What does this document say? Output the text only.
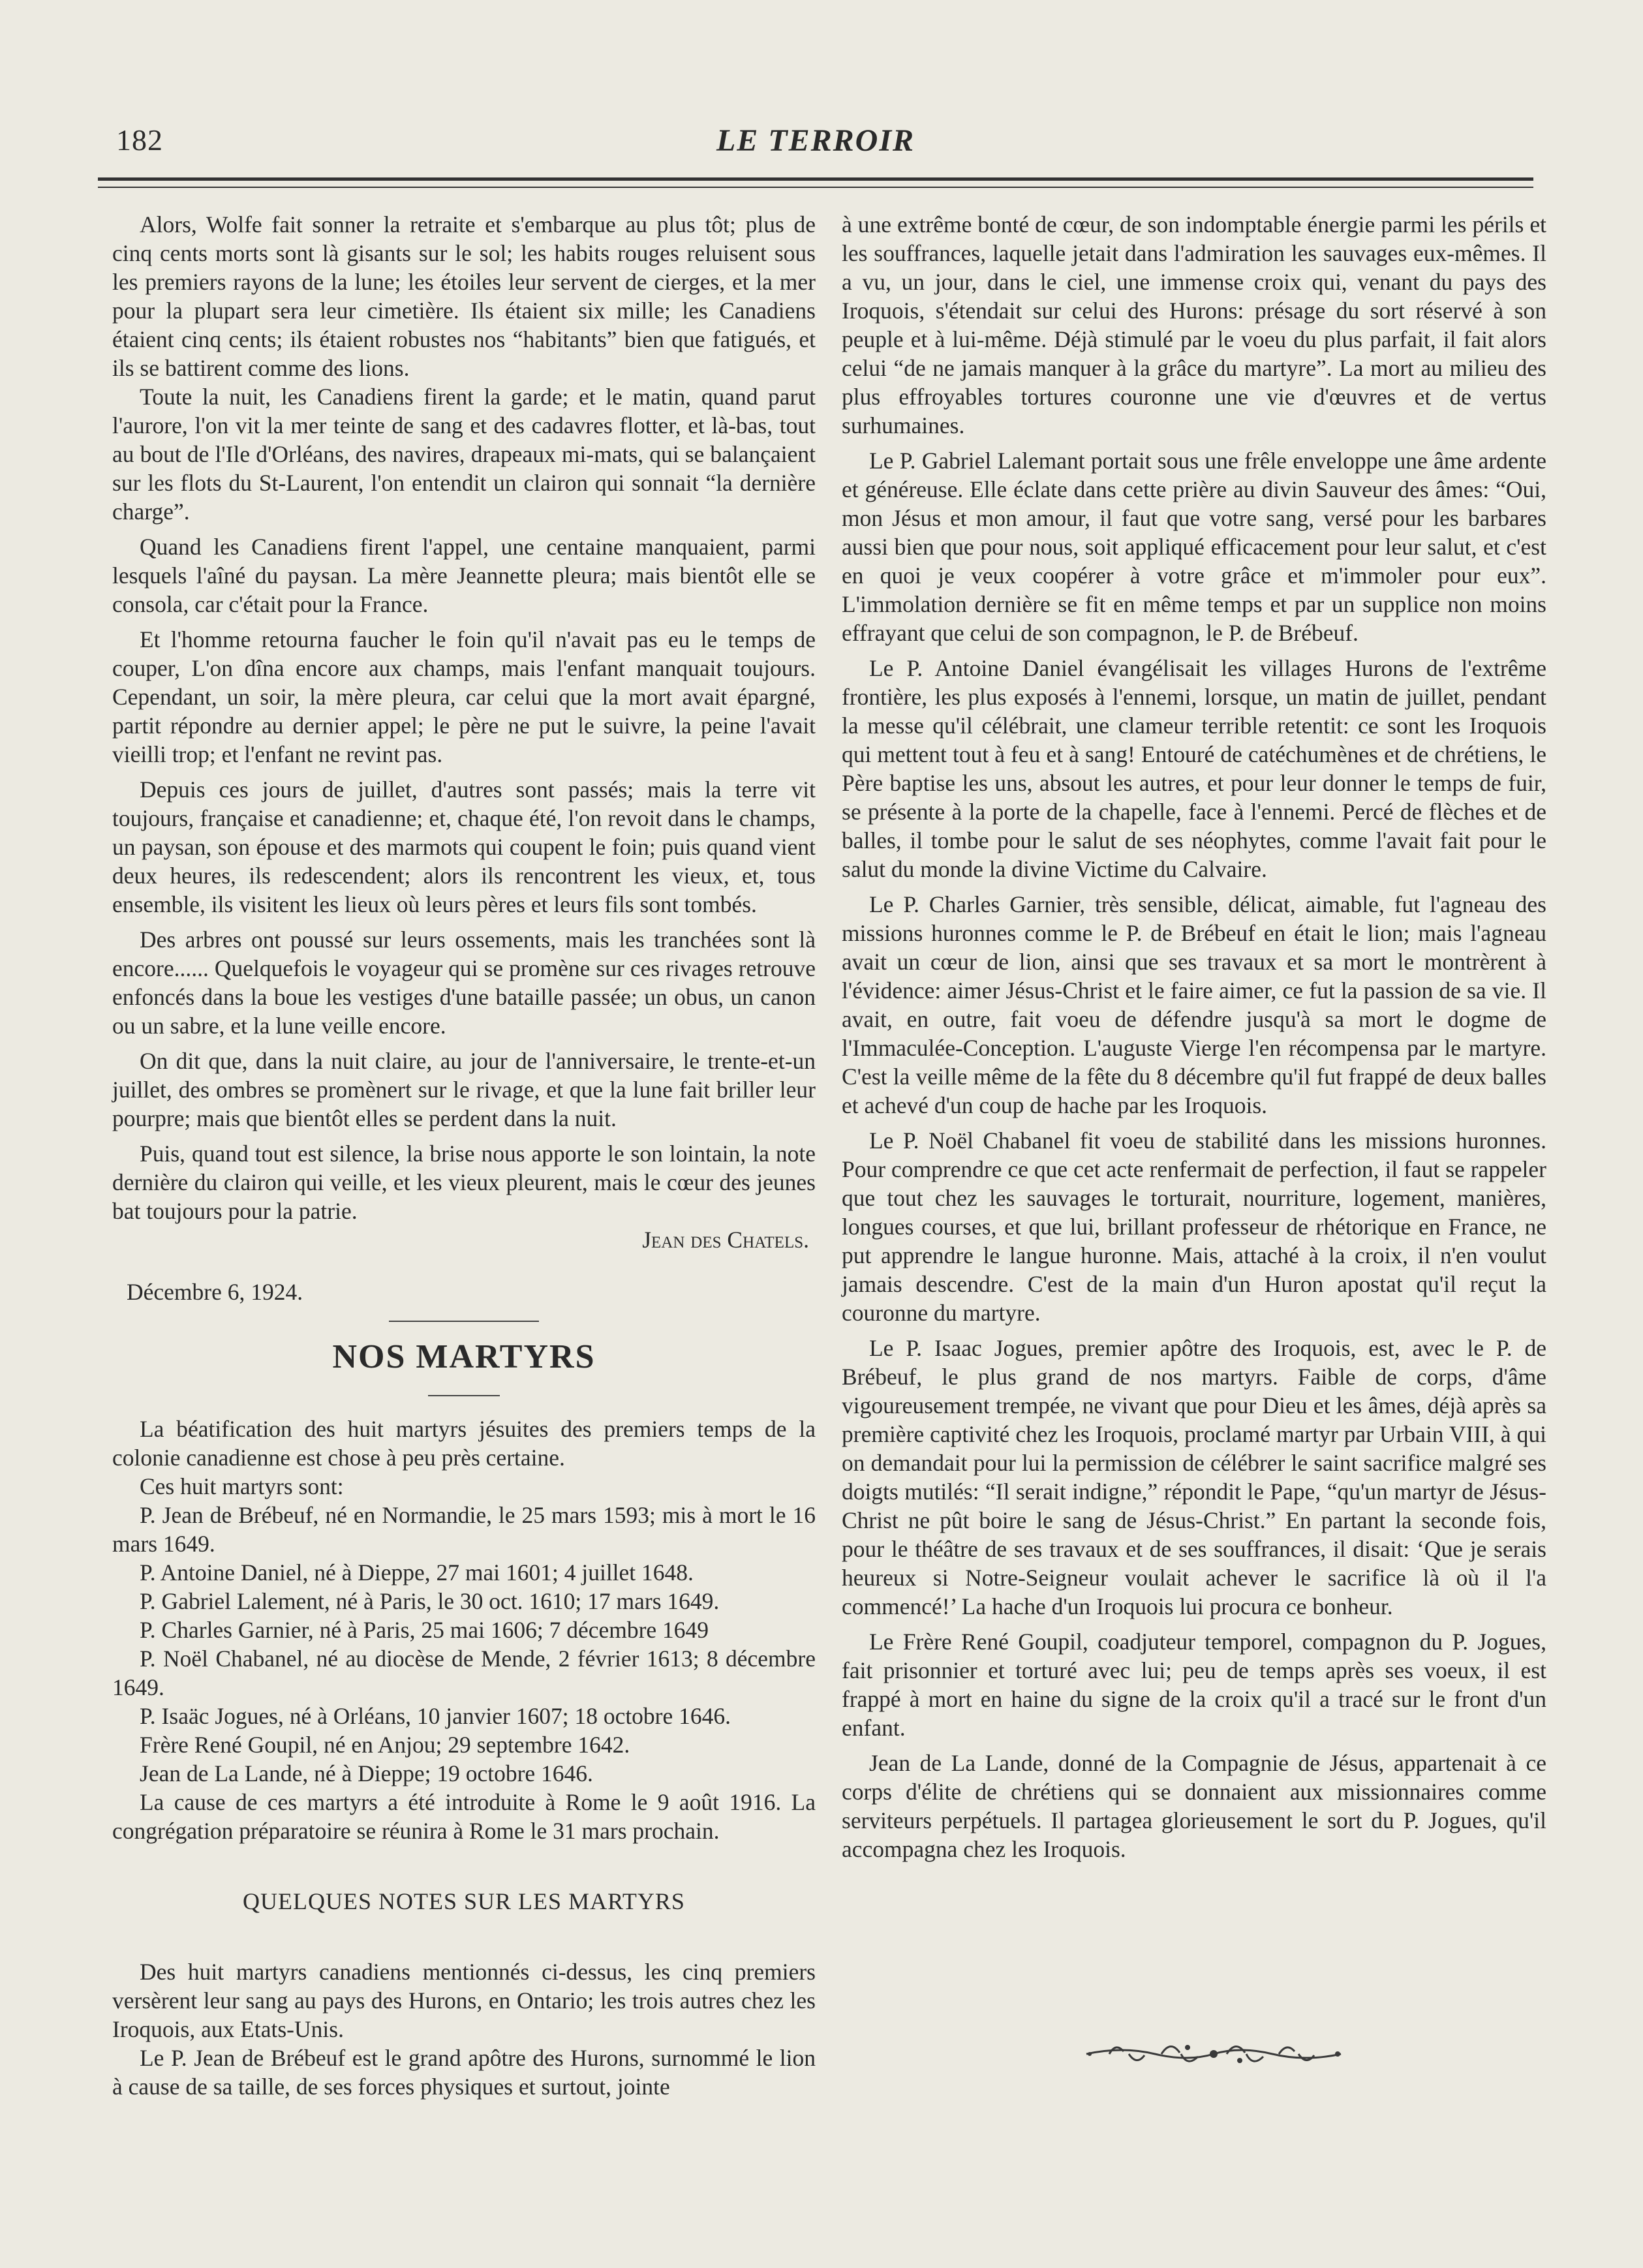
182	LE TERROIR

Alors, Wolfe fait sonner la retraite et s'embarque au plus tôt; plus de cinq cents morts sont là gisants sur le sol; les habits rouges reluisent sous les premiers rayons de la lune; les étoiles leur servent de cierges, et la mer pour la plupart sera leur cimetière. Ils étaient six mille; les Canadiens étaient cinq cents; ils étaient robustes nos “habitants” bien que fatigués, et ils se battirent comme des lions.

Toute la nuit, les Canadiens firent la garde; et le matin, quand parut l'aurore, l'on vit la mer teinte de sang et des cadavres flotter, et là-bas, tout au bout de l'Ile d'Orléans, des navires, drapeaux mi-mats, qui se balançaient sur les flots du St-Laurent, l'on entendit un clairon qui sonnait “la dernière charge”.

Quand les Canadiens firent l'appel, une centaine manquaient, parmi lesquels l'aîné du paysan. La mère Jeannette pleura; mais bientôt elle se consola, car c'était pour la France.

Et l'homme retourna faucher le foin qu'il n'avait pas eu le temps de couper, L'on dîna encore aux champs, mais l'enfant manquait toujours. Cependant, un soir, la mère pleura, car celui que la mort avait épargné, partit répondre au dernier appel; le père ne put le suivre, la peine l'avait vieilli trop; et l'enfant ne revint pas.

Depuis ces jours de juillet, d'autres sont passés; mais la terre vit toujours, française et canadienne; et, chaque été, l'on revoit dans le champs, un paysan, son épouse et des marmots qui coupent le foin; puis quand vient deux heures, ils redescendent; alors ils rencontrent les vieux, et, tous ensemble, ils visitent les lieux où leurs pères et leurs fils sont tombés.

Des arbres ont poussé sur leurs ossements, mais les tranchées sont là encore...... Quelquefois le voyageur qui se promène sur ces rivages retrouve enfoncés dans la boue les vestiges d'une bataille passée; un obus, un canon ou un sabre, et la lune veille encore.

On dit que, dans la nuit claire, au jour de l'anniversaire, le trente-et-un juillet, des ombres se promènert sur le rivage, et que la lune fait briller leur pourpre; mais que bientôt elles se perdent dans la nuit.

Puis, quand tout est silence, la brise nous apporte le son lointain, la note dernière du clairon qui veille, et les vieux pleurent, mais le cœur des jeunes bat toujours pour la patrie.

Jean des Chatels.

Décembre 6, 1924.

NOS MARTYRS

La béatification des huit martyrs jésuites des premiers temps de la colonie canadienne est chose à peu près certaine.

Ces huit martyrs sont:
P. Jean de Brébeuf, né en Normandie, le 25 mars 1593; mis à mort le 16 mars 1649.
P. Antoine Daniel, né à Dieppe, 27 mai 1601; 4 juillet 1648.
P. Gabriel Lalement, né à Paris, le 30 oct. 1610; 17 mars 1649.
P. Charles Garnier, né à Paris, 25 mai 1606; 7 décembre 1649
P. Noël Chabanel, né au diocèse de Mende, 2 février 1613; 8 décembre 1649.
P. Isaäc Jogues, né à Orléans, 10 janvier 1607; 18 octobre 1646.
Frère René Goupil, né en Anjou; 29 septembre 1642.
Jean de La Lande, né à Dieppe; 19 octobre 1646.
La cause de ces martyrs a été introduite à Rome le 9 août 1916. La congrégation préparatoire se réunira à Rome le 31 mars prochain.
QUELQUES NOTES SUR LES MARTYRS

Des huit martyrs canadiens mentionnés ci-dessus, les cinq premiers versèrent leur sang au pays des Hurons, en Ontario; les trois autres chez les Iroquois, aux Etats-Unis.

Le P. Jean de Brébeuf est le grand apôtre des Hurons, surnommé le lion à cause de sa taille, de ses forces physiques et surtout, jointe

à une extrême bonté de cœur, de son indomptable énergie parmi les périls et les souffrances, laquelle jetait dans l'admiration les sauvages eux-mêmes. Il a vu, un jour, dans le ciel, une immense croix qui, venant du pays des Iroquois, s'étendait sur celui des Hurons: présage du sort réservé à son peuple et à lui-même. Déjà stimulé par le voeu du plus parfait, il fait alors celui “de ne jamais manquer à la grâce du martyre”. La mort au milieu des plus effroyables tortures couronne une vie d'œuvres et de vertus surhumaines.

Le P. Gabriel Lalemant portait sous une frêle enveloppe une âme ardente et généreuse. Elle éclate dans cette prière au divin Sauveur des âmes: “Oui, mon Jésus et mon amour, il faut que votre sang, versé pour les barbares aussi bien que pour nous, soit appliqué efficacement pour leur salut, et c'est en quoi je veux coopérer à votre grâce et m'immoler pour eux”. L'immolation dernière se fit en même temps et par un supplice non moins effrayant que celui de son compagnon, le P. de Brébeuf.

Le P. Antoine Daniel évangélisait les villages Hurons de l'extrême frontière, les plus exposés à l'ennemi, lorsque, un matin de juillet, pendant la messe qu'il célébrait, une clameur terrible retentit: ce sont les Iroquois qui mettent tout à feu et à sang! Entouré de catéchumènes et de chrétiens, le Père baptise les uns, absout les autres, et pour leur donner le temps de fuir, se présente à la porte de la chapelle, face à l'ennemi. Percé de flèches et de balles, il tombe pour le salut de ses néophytes, comme l'avait fait pour le salut du monde la divine Victime du Calvaire.

Le P. Charles Garnier, très sensible, délicat, aimable, fut l'agneau des missions huronnes comme le P. de Brébeuf en était le lion; mais l'agneau avait un cœur de lion, ainsi que ses travaux et sa mort le montrèrent à l'évidence: aimer Jésus-Christ et le faire aimer, ce fut la passion de sa vie. Il avait, en outre, fait voeu de défendre jusqu'à sa mort le dogme de l'Immaculée-Conception. L'auguste Vierge l'en récompensa par le martyre. C'est la veille même de la fête du 8 décembre qu'il fut frappé de deux balles et achevé d'un coup de hache par les Iroquois.

Le P. Noël Chabanel fit voeu de stabilité dans les missions huronnes. Pour comprendre ce que cet acte renfermait de perfection, il faut se rappeler que tout chez les sauvages le torturait, nourriture, logement, manières, longues courses, et que lui, brillant professeur de rhétorique en France, ne put apprendre le langue huronne. Mais, attaché à la croix, il n'en voulut jamais descendre. C'est de la main d'un Huron apostat qu'il reçut la couronne du martyre.

Le P. Isaac Jogues, premier apôtre des Iroquois, est, avec le P. de Brébeuf, le plus grand de nos martyrs. Faible de corps, d'âme vigoureusement trempée, ne vivant que pour Dieu et les âmes, déjà après sa première captivité chez les Iroquois, proclamé martyr par Urbain VIII, à qui on demandait pour lui la permission de célébrer le saint sacrifice malgré ses doigts mutilés: “Il serait indigne,” répondit le Pape, “qu'un martyr de Jésus-Christ ne pût boire le sang de Jésus-Christ.” En partant la seconde fois, pour le théâtre de ses travaux et de ses souffrances, il disait: ‘Que je serais heureux si Notre-Seigneur voulait achever le sacrifice là où il l'a commencé!’ La hache d'un Iroquois lui procura ce bonheur.

Le Frère René Goupil, coadjuteur temporel, compagnon du P. Jogues, fait prisonnier et torturé avec lui; peu de temps après ses voeux, il est frappé à mort en haine du signe de la croix qu'il a tracé sur le front d'un enfant.

Jean de La Lande, donné de la Compagnie de Jésus, appartenait à ce corps d'élite de chrétiens qui se donnaient aux missionnaires comme serviteurs perpétuels. Il partagea glorieusement le sort du P. Jogues, qu'il accompagna chez les Iroquois.
